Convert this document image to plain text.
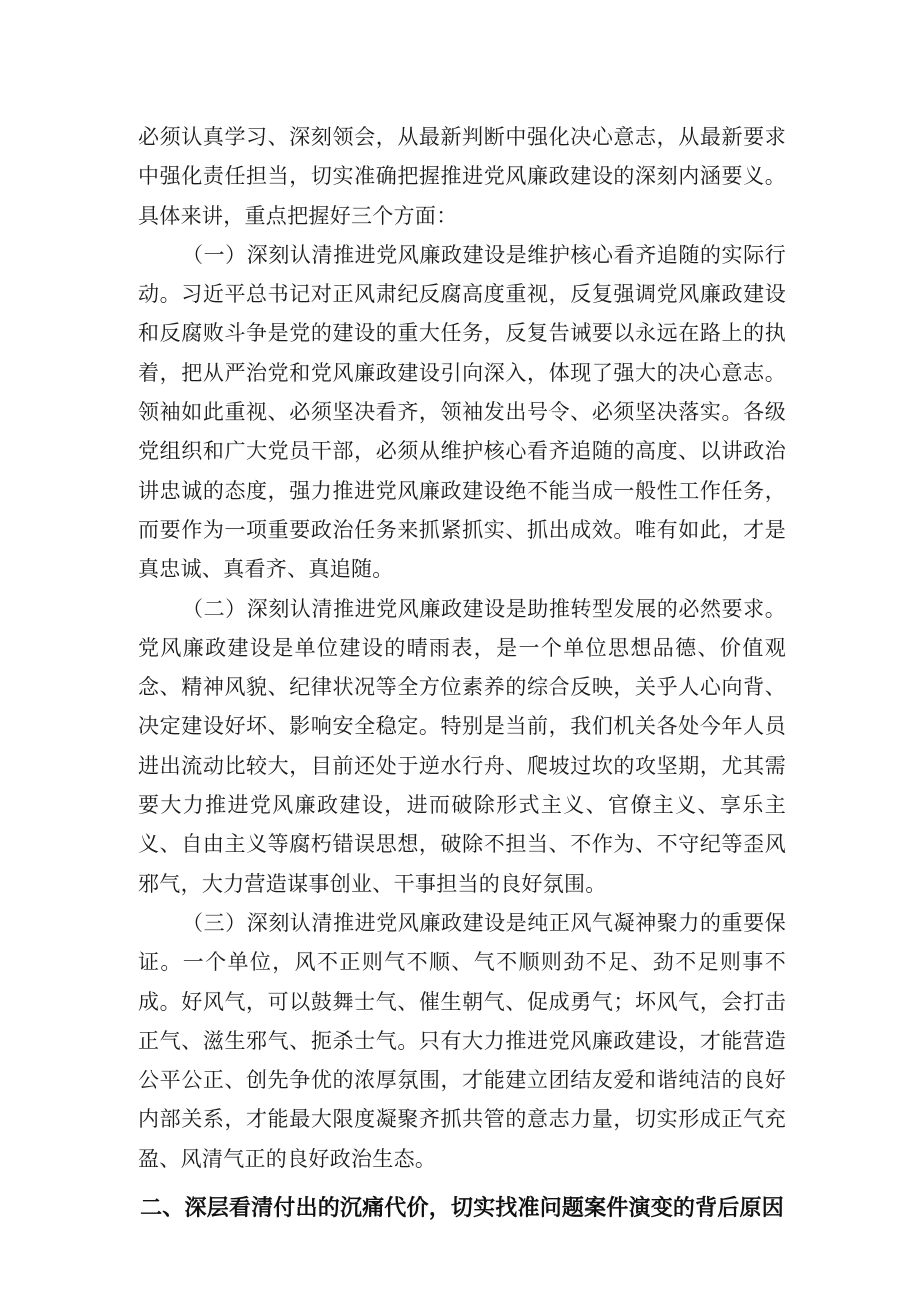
必须认真学习、深刻领会，从最新判断中强化决心意志，从最新要求中强化责任担当，切实准确把握推进党风廉政建设的深刻内涵要义。具体来讲，重点把握好三个方面：

（一）深刻认清推进党风廉政建设是维护核心看齐追随的实际行动。习近平总书记对正风肃纪反腐高度重视，反复强调党风廉政建设和反腐败斗争是党的建设的重大任务，反复告诫要以永远在路上的执着，把从严治党和党风廉政建设引向深入，体现了强大的决心意志。领袖如此重视、必须坚决看齐，领袖发出号令、必须坚决落实。各级党组织和广大党员干部，必须从维护核心看齐追随的高度、以讲政治讲忠诚的态度，强力推进党风廉政建设绝不能当成一般性工作任务，而要作为一项重要政治任务来抓紧抓实、抓出成效。唯有如此，才是真忠诚、真看齐、真追随。

（二）深刻认清推进党风廉政建设是助推转型发展的必然要求。党风廉政建设是单位建设的晴雨表，是一个单位思想品德、价值观念、精神风貌、纪律状况等全方位素养的综合反映，关乎人心向背、决定建设好坏、影响安全稳定。特别是当前，我们机关各处今年人员进出流动比较大，目前还处于逆水行舟、爬坡过坎的攻坚期，尤其需要大力推进党风廉政建设，进而破除形式主义、官僚主义、享乐主义、自由主义等腐朽错误思想，破除不担当、不作为、不守纪等歪风邪气，大力营造谋事创业、干事担当的良好氛围。

（三）深刻认清推进党风廉政建设是纯正风气凝神聚力的重要保证。一个单位，风不正则气不顺、气不顺则劲不足、劲不足则事不成。好风气，可以鼓舞士气、催生朝气、促成勇气；坏风气，会打击正气、滋生邪气、扼杀士气。只有大力推进党风廉政建设，才能营造公平公正、创先争优的浓厚氛围，才能建立团结友爱和谐纯洁的良好内部关系，才能最大限度凝聚齐抓共管的意志力量，切实形成正气充盈、风清气正的良好政治生态。

二、深层看清付出的沉痛代价，切实找准问题案件演变的背后原因
